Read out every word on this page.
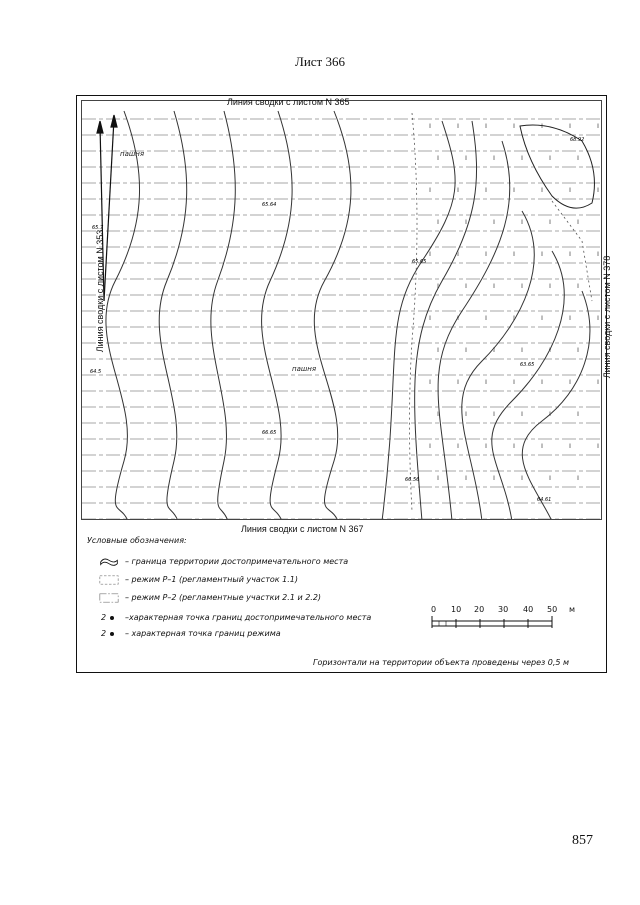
Лист 366
||
||
||
||
||
||
||
||
||
||
||
||
||
||
||
||
||
||
||
||
||
||
||
||
||
||
||
||
||
||
||
||
||
||
||
||
||
||
||
||
||
||
||
||
||
||
||
||
||
||
||
||
||
||
||
||
||
||
||
||
||
||
||
||
||
||
||
||
||
||
||
||
||
||
||
||
||
||
пашня
пашня
65.64
65.65
65.7
64.5
66.65
66.56
63.65
64.61
68.92
Линия сводки с листом N 365
Линия сводки с листом N 367
Линия сводки с листом N 353	Линия сводки с листом N 378
Условные обозначения:
– граница территории достопримечательного места
– режим Р–1 (регламентный участок 1.1)
– режим Р–2 (регламентные участки 2.1 и 2.2)
2 –характерная точка границ достопримечательного места
2 – характерная точка границ режима
0 10 20 30 40 50 м
Горизонтали на территории объекта проведены через 0,5 м
857
